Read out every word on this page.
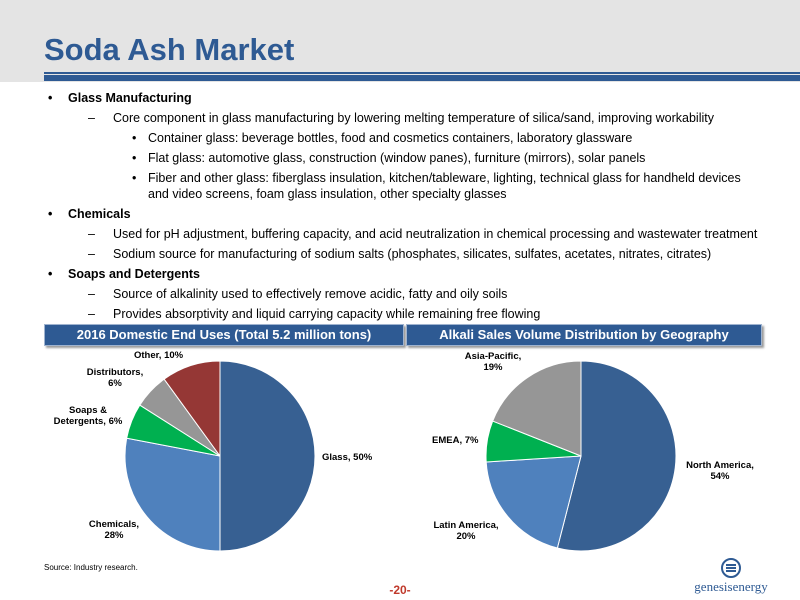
Soda Ash Market
• Glass Manufacturing
– Core component in glass manufacturing by lowering melting temperature of silica/sand, improving workability
• Container glass: beverage bottles, food and cosmetics containers, laboratory glassware
• Flat glass: automotive glass, construction (window panes), furniture (mirrors), solar panels
• Fiber and other glass: fiberglass insulation, kitchen/tableware, lighting, technical glass for handheld devices and video screens, foam glass insulation, other specialty glasses
• Chemicals
– Used for pH adjustment, buffering capacity, and acid neutralization in chemical processing and wastewater treatment
– Sodium source for manufacturing of sodium salts (phosphates, silicates, sulfates, acetates, nitrates, citrates)
• Soaps and Detergents
– Source of alkalinity used to effectively remove acidic, fatty and oily soils
– Provides absorptivity and liquid carrying capacity while remaining free flowing
2016 Domestic End Uses (Total 5.2 million tons)	Alkali Sales Volume Distribution by Geography
Glass, 50%
Chemicals, 28%
Soaps & Detergents, 6%
Distributors, 6%
Other, 10%
North America, 54%
Latin America, 20%
EMEA, 7%
Asia-Pacific, 19%
Source: Industry research.
-20-	genesisenergy
